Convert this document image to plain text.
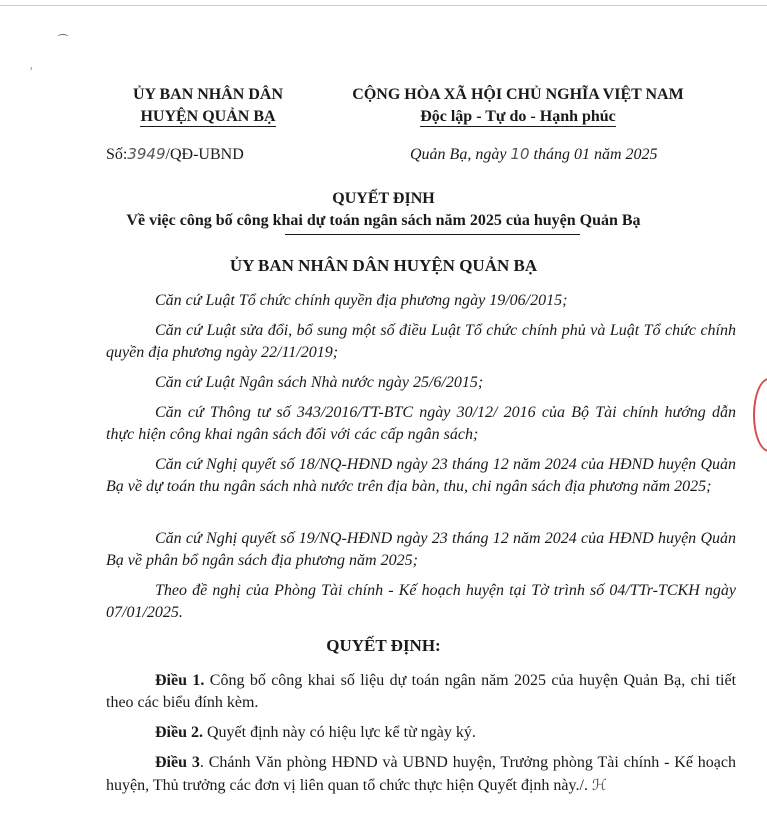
⁀
′
ỦY BAN NHÂN DÂN
HUYỆN QUẢN BẠ
CỘNG HÒA XÃ HỘI CHỦ NGHĨA VIỆT NAM
Độc lập - Tự do - Hạnh phúc
Số:3949/QĐ-UBND	Quản Bạ, ngày 10 tháng 01 năm 2025
QUYẾT ĐỊNH
Về việc công bố công khai dự toán ngân sách năm 2025 của huyện Quản Bạ
ỦY BAN NHÂN DÂN HUYỆN QUẢN BẠ
Căn cứ Luật Tổ chức chính quyền địa phương ngày 19/06/2015;
Căn cứ Luật sửa đổi, bổ sung một số điều Luật Tổ chức chính phủ và Luật Tổ chức chính quyền địa phương ngày 22/11/2019;
Căn cứ Luật Ngân sách Nhà nước ngày 25/6/2015;
Căn cứ Thông tư số 343/2016/TT-BTC ngày 30/12/ 2016 của Bộ Tài chính hướng dẫn thực hiện công khai ngân sách đối với các cấp ngân sách;
Căn cứ Nghị quyết số 18/NQ-HĐND ngày 23 tháng 12 năm 2024 của HĐND huyện Quản Bạ về dự toán thu ngân sách nhà nước trên địa bàn, thu, chi ngân sách địa phương năm 2025;
Căn cứ Nghị quyết số 19/NQ-HĐND ngày 23 tháng 12 năm 2024 của HĐND huyện Quản Bạ về phân bổ ngân sách địa phương năm 2025;
Theo đề nghị của Phòng Tài chính - Kế hoạch huyện tại Tờ trình số 04/TTr-TCKH ngày 07/01/2025.
QUYẾT ĐỊNH:
Điều 1. Công bố công khai số liệu dự toán ngân năm 2025 của huyện Quản Bạ, chi tiết theo các biểu đính kèm.
Điều 2. Quyết định này có hiệu lực kể từ ngày ký.
Điều 3. Chánh Văn phòng HĐND và UBND huyện, Trưởng phòng Tài chính - Kế hoạch huyện, Thủ trưởng các đơn vị liên quan tổ chức thực hiện Quyết định này./. ℋ
